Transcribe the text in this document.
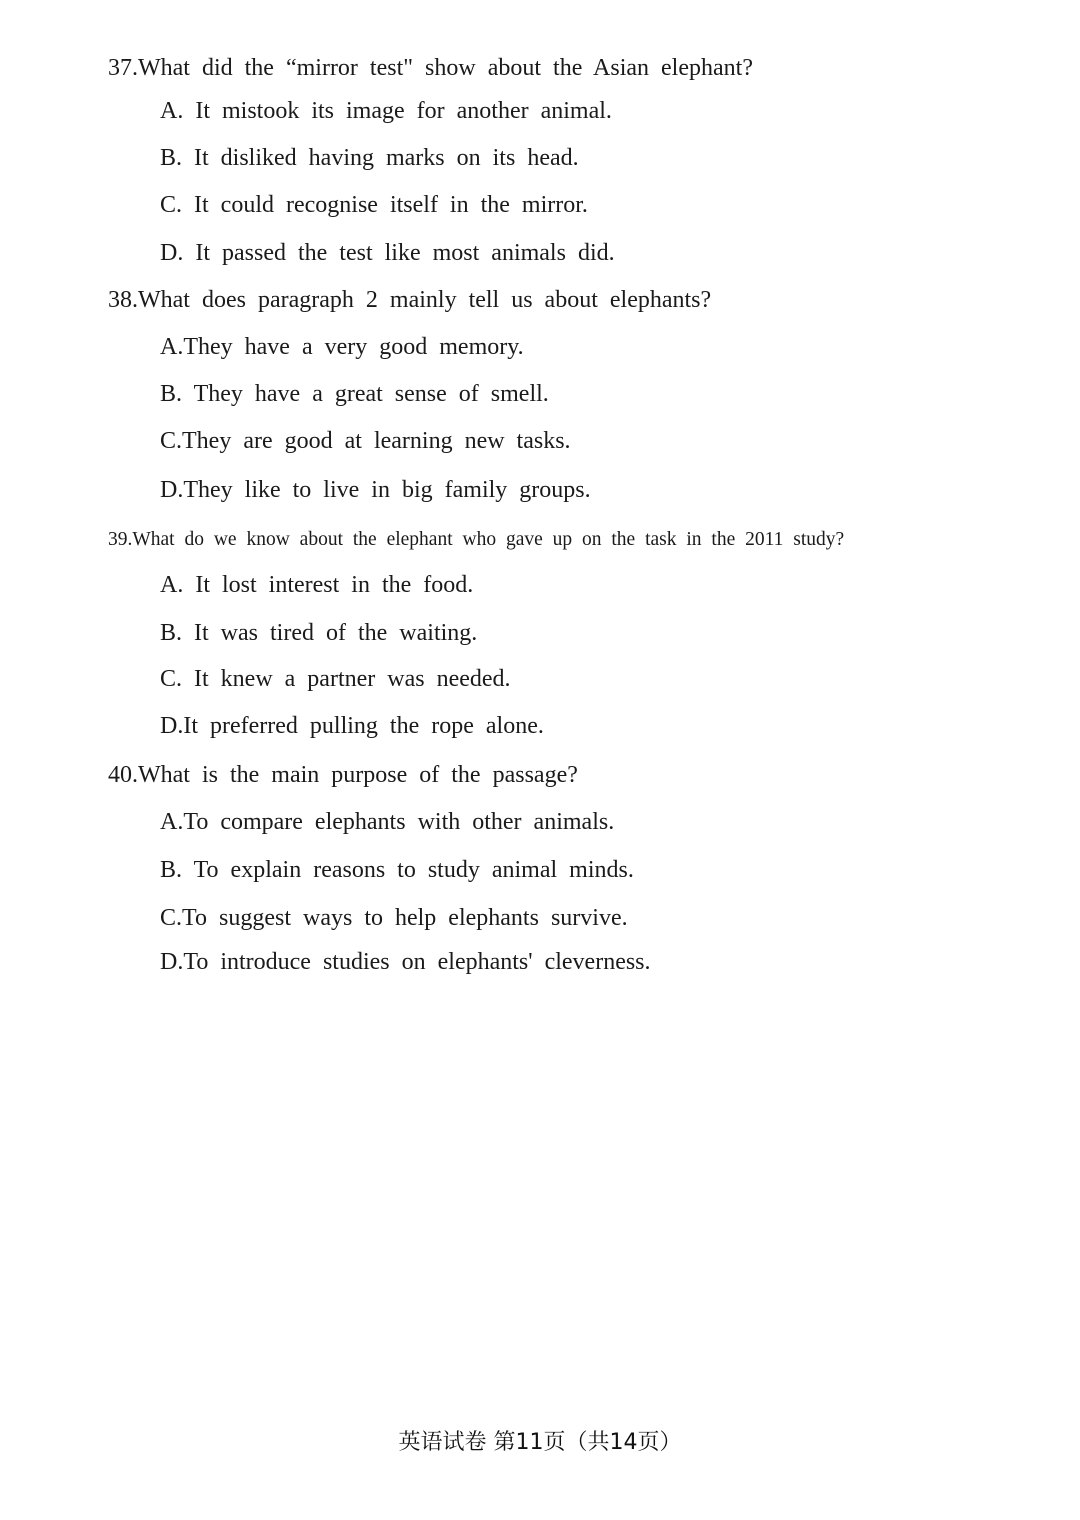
37.What did the “mirror test" show about the Asian elephant?
A. It mistook its image for another animal.
B. It disliked having marks on its head.
C. It could recognise itself in the mirror.
D. It passed the test like most animals did.
38.What does paragraph 2 mainly tell us about elephants?
A.They have a very good memory.
B. They have a great sense of smell.
C.They are good at learning new tasks.
D.They like to live in big family groups.
39.What do we know about the elephant who gave up on the task in the 2011 study?
A. It lost interest in the food.
B. It was tired of the waiting.
C. It knew a partner was needed.
D.It preferred pulling the rope alone.
40.What is the main purpose of the passage?
A.To compare elephants with other animals.
B. To explain reasons to study animal minds.
C.To suggest ways to help elephants survive.
D.To introduce studies on elephants' cleverness.
英语试卷 第11页（共14页）
